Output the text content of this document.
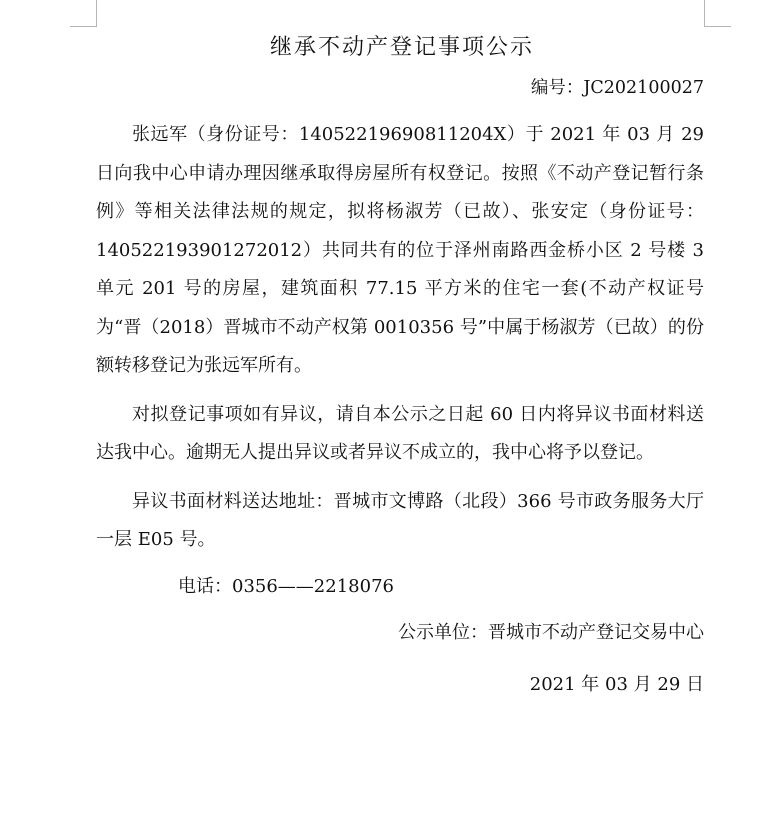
继承不动产登记事项公示
编号：JC202100027

张远军（身份证号：14052219690811204X）于 2021 年 03 月 29 日向我中心申请办理因继承取得房屋所有权登记。按照《不动产登记暂行条例》等相关法律法规的规定，拟将杨淑芳（已故）、张安定（身份证号：140522193901272012）共同共有的位于泽州南路西金桥小区 2 号楼 3 单元 201 号的房屋，建筑面积 77.15 平方米的住宅一套(不动产权证号为“晋（2018）晋城市不动产权第 0010356 号”中属于杨淑芳（已故）的份额转移登记为张远军所有。

对拟登记事项如有异议，请自本公示之日起 60 日内将异议书面材料送达我中心。逾期无人提出异议或者异议不成立的，我中心将予以登记。

异议书面材料送达地址：晋城市文博路（北段）366 号市政务服务大厅一层 E05 号。

电话：0356——2218076
公示单位：晋城市不动产登记交易中心
2021 年 03 月 29 日
